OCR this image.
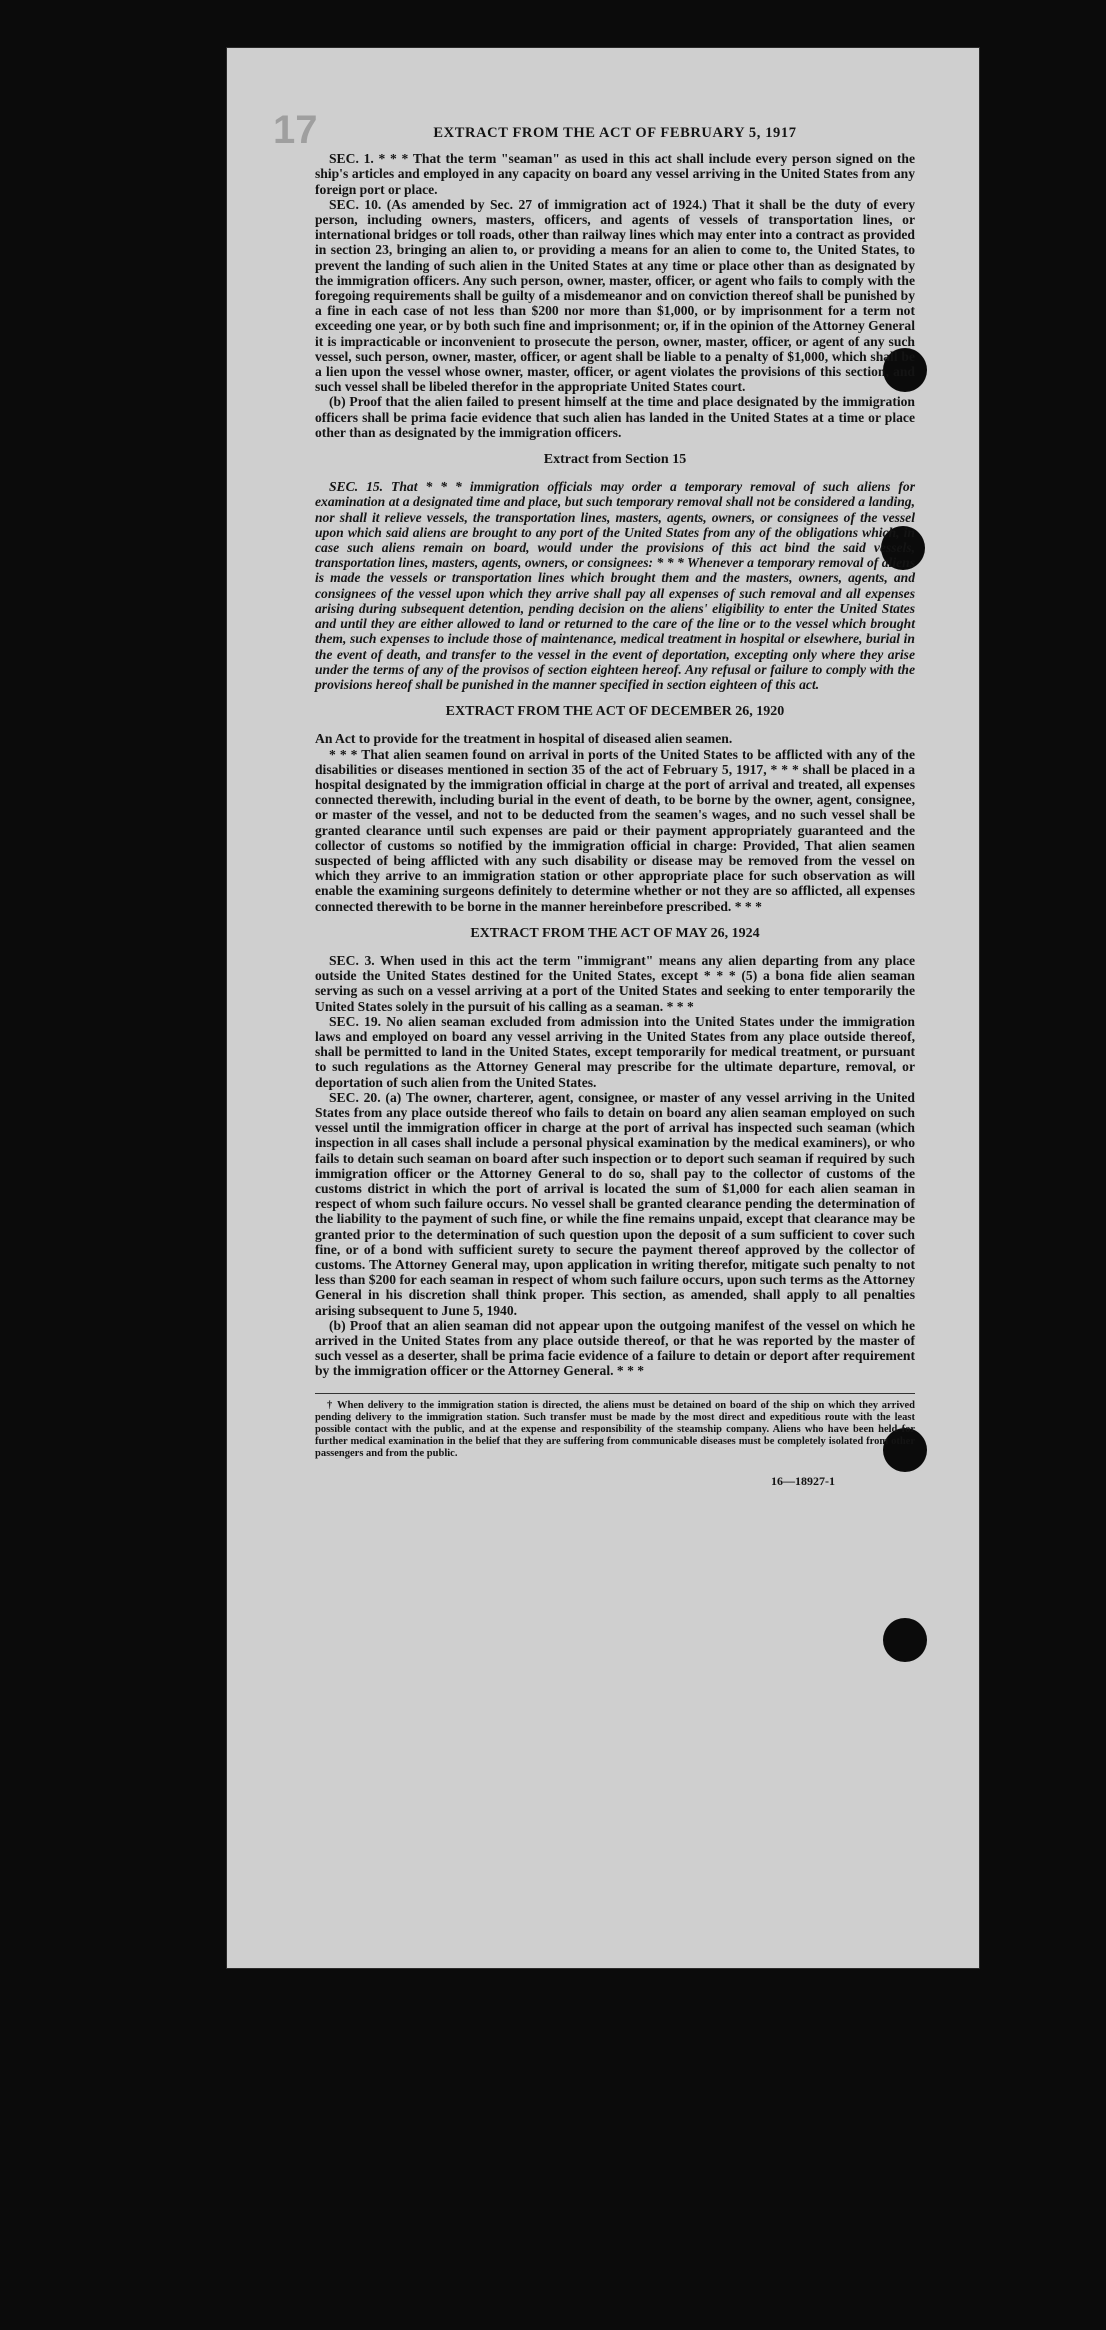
17	EXTRACT FROM THE ACT OF FEBRUARY 5, 1917

SEC. 1. * * * That the term "seaman" as used in this act shall include every person signed on the ship's articles and employed in any capacity on board any vessel arriving in the United States from any foreign port or place.

SEC. 10. (As amended by Sec. 27 of immigration act of 1924.) That it shall be the duty of every person, including owners, masters, officers, and agents of vessels of transportation lines, or international bridges or toll roads, other than railway lines which may enter into a contract as provided in section 23, bringing an alien to, or providing a means for an alien to come to, the United States, to prevent the landing of such alien in the United States at any time or place other than as designated by the immigration officers. Any such person, owner, master, officer, or agent who fails to comply with the foregoing requirements shall be guilty of a misdemeanor and on conviction thereof shall be punished by a fine in each case of not less than $200 nor more than $1,000, or by imprisonment for a term not exceeding one year, or by both such fine and imprisonment; or, if in the opinion of the Attorney General it is impracticable or inconvenient to prosecute the person, owner, master, officer, or agent of any such vessel, such person, owner, master, officer, or agent shall be liable to a penalty of $1,000, which shall be a lien upon the vessel whose owner, master, officer, or agent violates the provisions of this section, and such vessel shall be libeled therefor in the appropriate United States court.

(b) Proof that the alien failed to present himself at the time and place designated by the immigration officers shall be prima facie evidence that such alien has landed in the United States at a time or place other than as designated by the immigration officers.

Extract from Section 15

SEC. 15. That * * * immigration officials may order a temporary removal of such aliens for examination at a designated time and place, but such temporary removal shall not be considered a landing, nor shall it relieve vessels, the transportation lines, masters, agents, owners, or consignees of the vessel upon which said aliens are brought to any port of the United States from any of the obligations which, in case such aliens remain on board, would under the provisions of this act bind the said vessels, transportation lines, masters, agents, owners, or consignees: * * * Whenever a temporary removal of aliens is made the vessels or transportation lines which brought them and the masters, owners, agents, and consignees of the vessel upon which they arrive shall pay all expenses of such removal and all expenses arising during subsequent detention, pending decision on the aliens' eligibility to enter the United States and until they are either allowed to land or returned to the care of the line or to the vessel which brought them, such expenses to include those of maintenance, medical treatment in hospital or elsewhere, burial in the event of death, and transfer to the vessel in the event of deportation, excepting only where they arise under the terms of any of the provisos of section eighteen hereof. Any refusal or failure to comply with the provisions hereof shall be punished in the manner specified in section eighteen of this act.

EXTRACT FROM THE ACT OF DECEMBER 26, 1920

An Act to provide for the treatment in hospital of diseased alien seamen.

* * * That alien seamen found on arrival in ports of the United States to be afflicted with any of the disabilities or diseases mentioned in section 35 of the act of February 5, 1917, * * * shall be placed in a hospital designated by the immigration official in charge at the port of arrival and treated, all expenses connected therewith, including burial in the event of death, to be borne by the owner, agent, consignee, or master of the vessel, and not to be deducted from the seamen's wages, and no such vessel shall be granted clearance until such expenses are paid or their payment appropriately guaranteed and the collector of customs so notified by the immigration official in charge: Provided, That alien seamen suspected of being afflicted with any such disability or disease may be removed from the vessel on which they arrive to an immigration station or other appropriate place for such observation as will enable the examining surgeons definitely to determine whether or not they are so afflicted, all expenses connected therewith to be borne in the manner hereinbefore prescribed. * * *

EXTRACT FROM THE ACT OF MAY 26, 1924

SEC. 3. When used in this act the term "immigrant" means any alien departing from any place outside the United States destined for the United States, except * * * (5) a bona fide alien seaman serving as such on a vessel arriving at a port of the United States and seeking to enter temporarily the United States solely in the pursuit of his calling as a seaman. * * *

SEC. 19. No alien seaman excluded from admission into the United States under the immigration laws and employed on board any vessel arriving in the United States from any place outside thereof, shall be permitted to land in the United States, except temporarily for medical treatment, or pursuant to such regulations as the Attorney General may prescribe for the ultimate departure, removal, or deportation of such alien from the United States.

SEC. 20. (a) The owner, charterer, agent, consignee, or master of any vessel arriving in the United States from any place outside thereof who fails to detain on board any alien seaman employed on such vessel until the immigration officer in charge at the port of arrival has inspected such seaman (which inspection in all cases shall include a personal physical examination by the medical examiners), or who fails to detain such seaman on board after such inspection or to deport such seaman if required by such immigration officer or the Attorney General to do so, shall pay to the collector of customs of the customs district in which the port of arrival is located the sum of $1,000 for each alien seaman in respect of whom such failure occurs. No vessel shall be granted clearance pending the determination of the liability to the payment of such fine, or while the fine remains unpaid, except that clearance may be granted prior to the determination of such question upon the deposit of a sum sufficient to cover such fine, or of a bond with sufficient surety to secure the payment thereof approved by the collector of customs. The Attorney General may, upon application in writing therefor, mitigate such penalty to not less than $200 for each seaman in respect of whom such failure occurs, upon such terms as the Attorney General in his discretion shall think proper. This section, as amended, shall apply to all penalties arising subsequent to June 5, 1940.

(b) Proof that an alien seaman did not appear upon the outgoing manifest of the vessel on which he arrived in the United States from any place outside thereof, or that he was reported by the master of such vessel as a deserter, shall be prima facie evidence of a failure to detain or deport after requirement by the immigration officer or the Attorney General. * * *

† When delivery to the immigration station is directed, the aliens must be detained on board of the ship on which they arrived pending delivery to the immigration station. Such transfer must be made by the most direct and expeditious route with the least possible contact with the public, and at the expense and responsibility of the steamship company. Aliens who have been held for further medical examination in the belief that they are suffering from communicable diseases must be completely isolated from other passengers and from the public.
16—18927-1
